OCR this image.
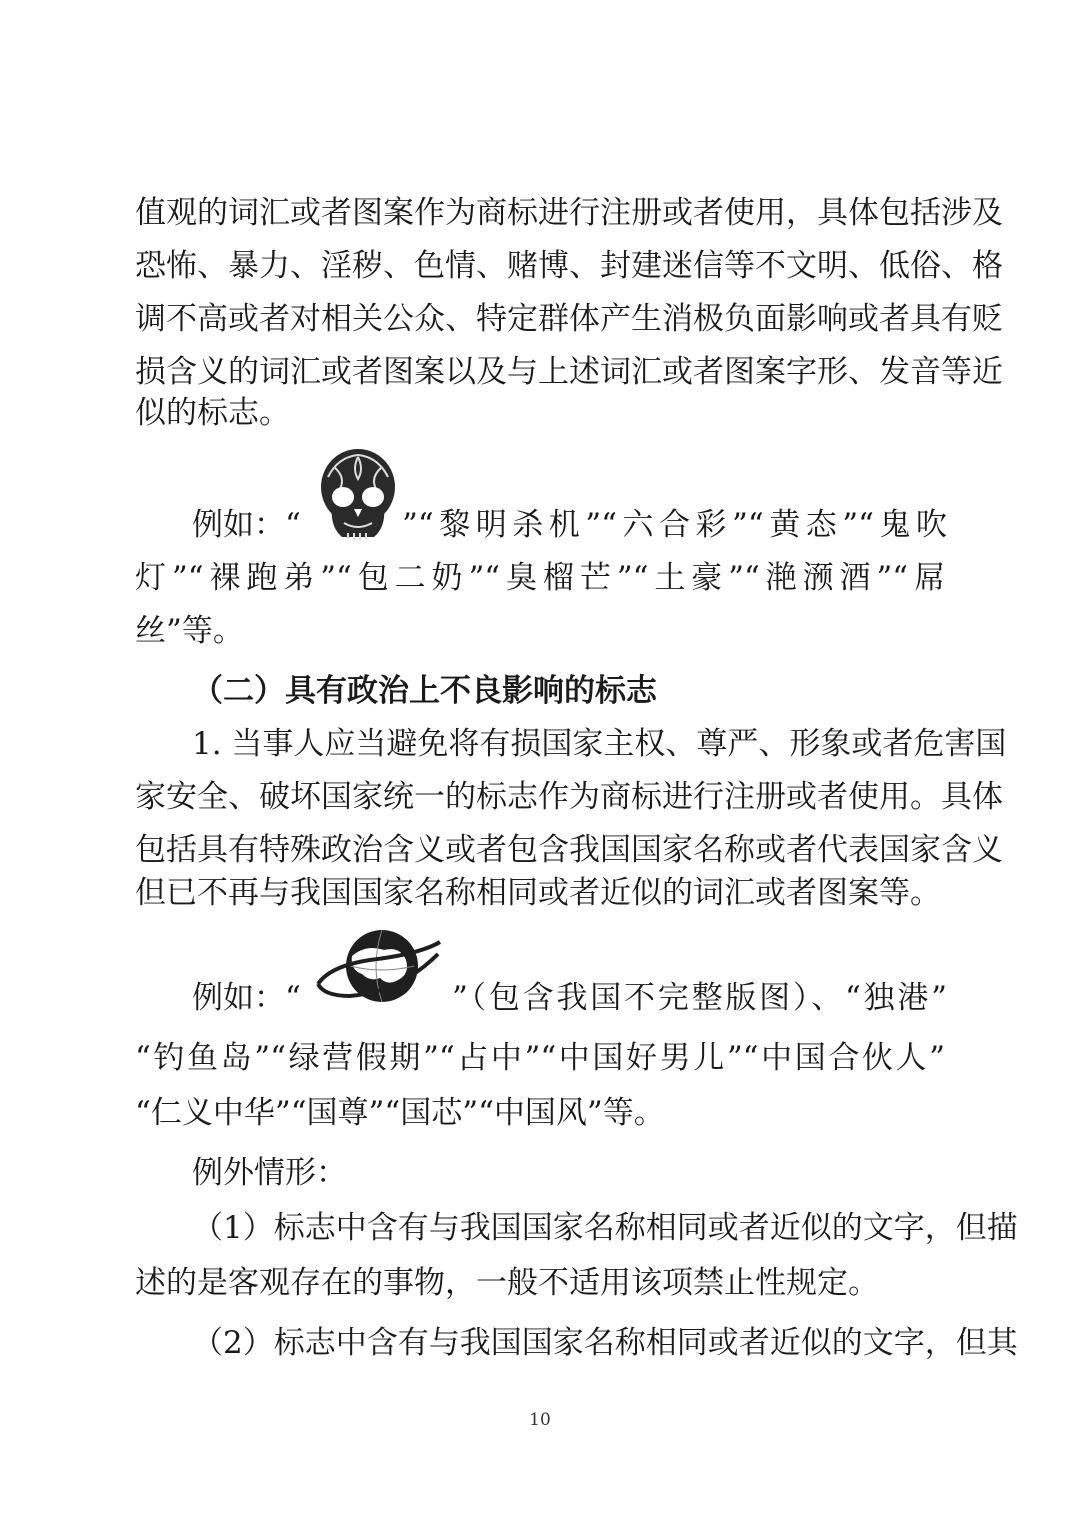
值观的词汇或者图案作为商标进行注册或者使用，具体包括涉及
恐怖、暴力、淫秽、色情、赌博、封建迷信等不文明、低俗、格
调不高或者对相关公众、特定群体产生消极负面影响或者具有贬
损含义的词汇或者图案以及与上述词汇或者图案字形、发音等近
似的标志。
例如：“	”“黎明杀机”“六合彩”“黄态”“鬼吹
灯”“裸跑弟”“包二奶”“臭榴芒”“土豪”“滟滪酒”“屌
丝”等。
（二）具有政治上不良影响的标志
1. 当事人应当避免将有损国家主权、尊严、形象或者危害国
家安全、破坏国家统一的标志作为商标进行注册或者使用。具体
包括具有特殊政治含义或者包含我国国家名称或者代表国家含义
但已不再与我国国家名称相同或者近似的词汇或者图案等。
例如：“	”（包含我国不完整版图）、“独港”
“钓鱼岛”“绿营假期”“占中”“中国好男儿”“中国合伙人”
“仁义中华”“国尊”“国芯”“中国风”等。
例外情形：
（1）标志中含有与我国国家名称相同或者近似的文字，但描
述的是客观存在的事物，一般不适用该项禁止性规定。
（2）标志中含有与我国国家名称相同或者近似的文字，但其
10
